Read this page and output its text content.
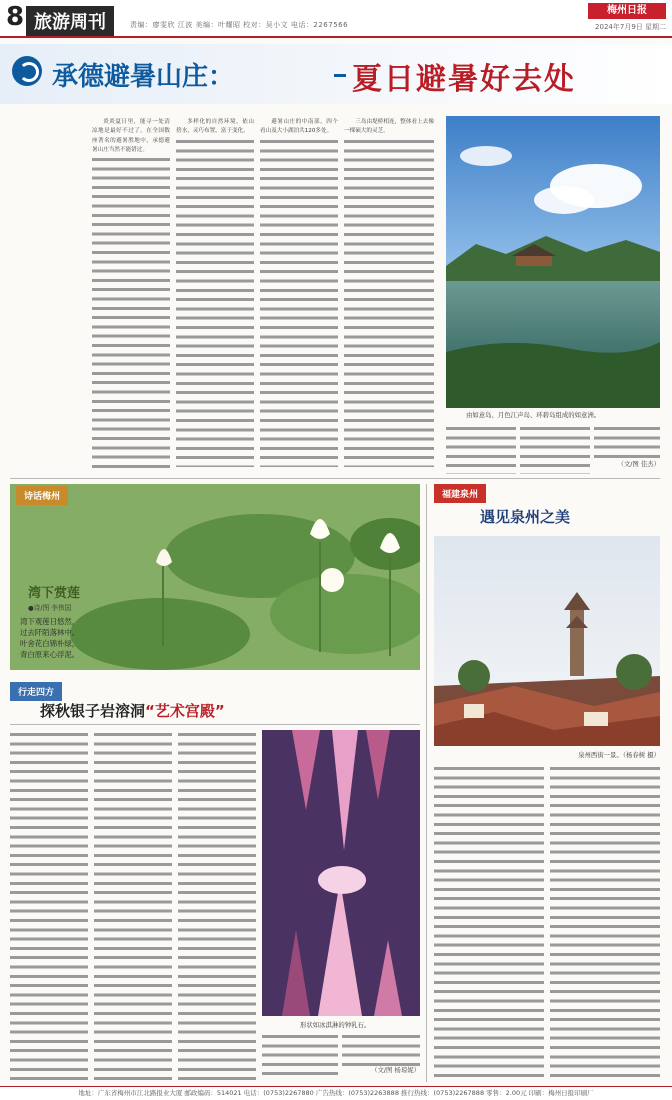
8 旅游周刊	责编：廖雯欣 江波 美编：叶耀昭 校对：吴小文 电话：2267566
梅州日报
2024年7月9日 星期二
承德避暑山庄：	夏日避暑好去处

炎炎夏日里，能寻一处清凉地是最好不过了。在全国数座著名的避暑胜地中，承德避暑山庄当然不能错过。

多样化的自然环境，依山傍水，灵巧布置，富于变化。

避暑山庄的中南部，四个看山及大小湖泊共120多处。

三岛由堤桥相连，整体看上去像一棵硕大的灵芝。

由如意岛、月色江声岛、环碧岛组成的如意洲。
（文/图 佳杰）
诗话梅州
湾下赏莲
●诗/图 李伟国
湾下观莲日悠然，
过去阡陌落林中。
叶舍花白锦朴绿，
青白原来心浮泥。
行走四方
探秋银子岩溶洞“艺术宫殿”
形状如冰淇淋的钟乳石。
（文/图 杨琼妮）
福建泉州
遇见泉州之美
泉州西街一景。（杨春树 摄）
地址：广东省梅州市江北路报业大厦 邮政编码：514021 电话：(0753)2267880 广告热线：(0753)2263888 推行热线：(0753)2267888 零售：2.00元 印刷：梅州日报印刷厂
